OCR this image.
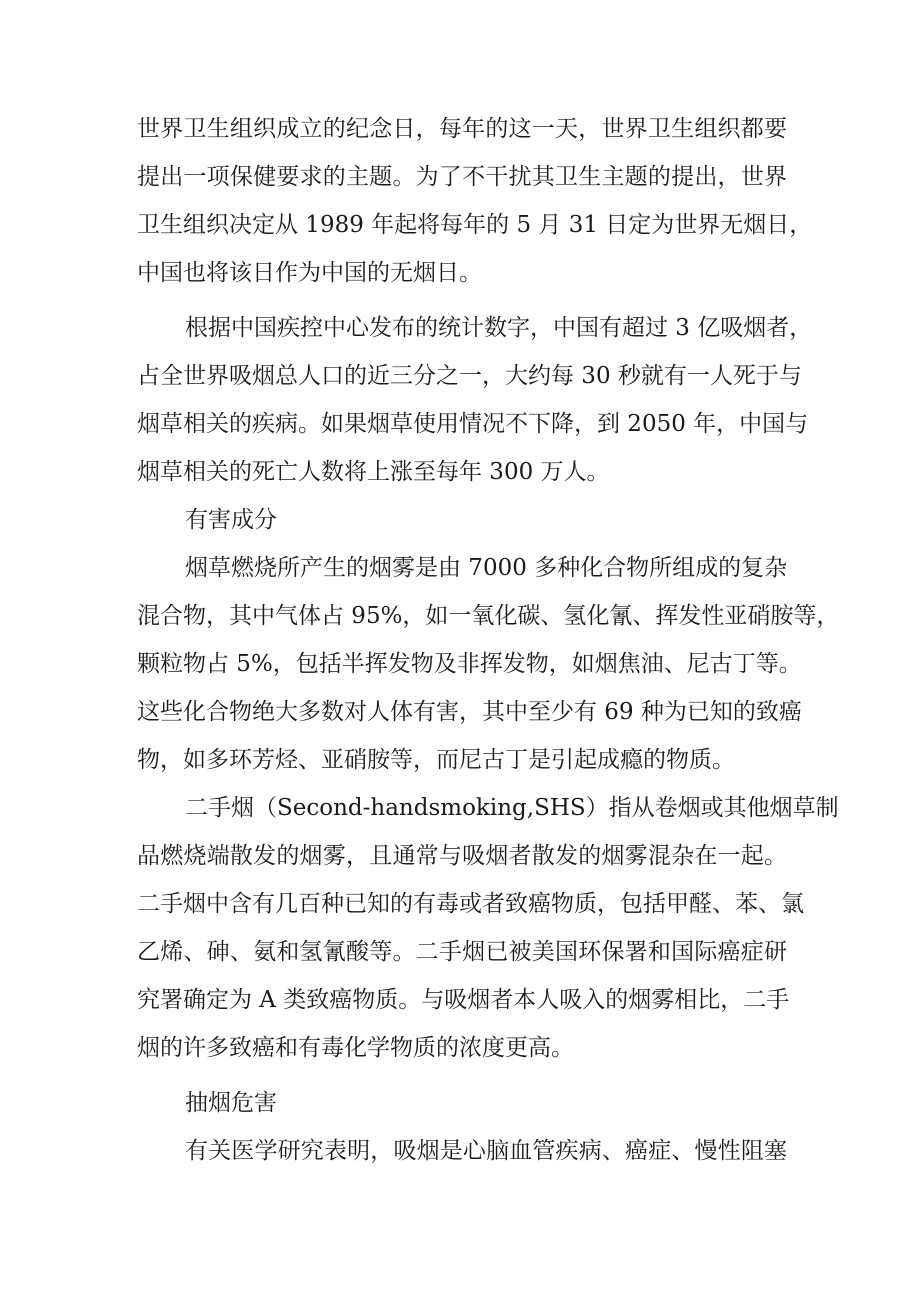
世界卫生组织成立的纪念日，每年的这一天，世界卫生组织都要
提出一项保健要求的主题。为了不干扰其卫生主题的提出，世界
卫生组织决定从 1989 年起将每年的 5 月 31 日定为世界无烟日，
中国也将该日作为中国的无烟日。
根据中国疾控中心发布的统计数字，中国有超过 3 亿吸烟者，
占全世界吸烟总人口的近三分之一，大约每 30 秒就有一人死于与
烟草相关的疾病。如果烟草使用情况不下降，到 2050 年，中国与
烟草相关的死亡人数将上涨至每年 300 万人。
有害成分
烟草燃烧所产生的烟雾是由 7000 多种化合物所组成的复杂
混合物，其中气体占 95%，如一氧化碳、氢化氰、挥发性亚硝胺等，
颗粒物占 5%，包括半挥发物及非挥发物，如烟焦油、尼古丁等。
这些化合物绝大多数对人体有害，其中至少有 69 种为已知的致癌
物，如多环芳烃、亚硝胺等，而尼古丁是引起成瘾的物质。
二手烟（Second-handsmoking,SHS）指从卷烟或其他烟草制
品燃烧端散发的烟雾，且通常与吸烟者散发的烟雾混杂在一起。
二手烟中含有几百种已知的有毒或者致癌物质，包括甲醛、苯、氯
乙烯、砷、氨和氢氰酸等。二手烟已被美国环保署和国际癌症研
究署确定为 A 类致癌物质。与吸烟者本人吸入的烟雾相比，二手
烟的许多致癌和有毒化学物质的浓度更高。
抽烟危害
有关医学研究表明，吸烟是心脑血管疾病、癌症、慢性阻塞
